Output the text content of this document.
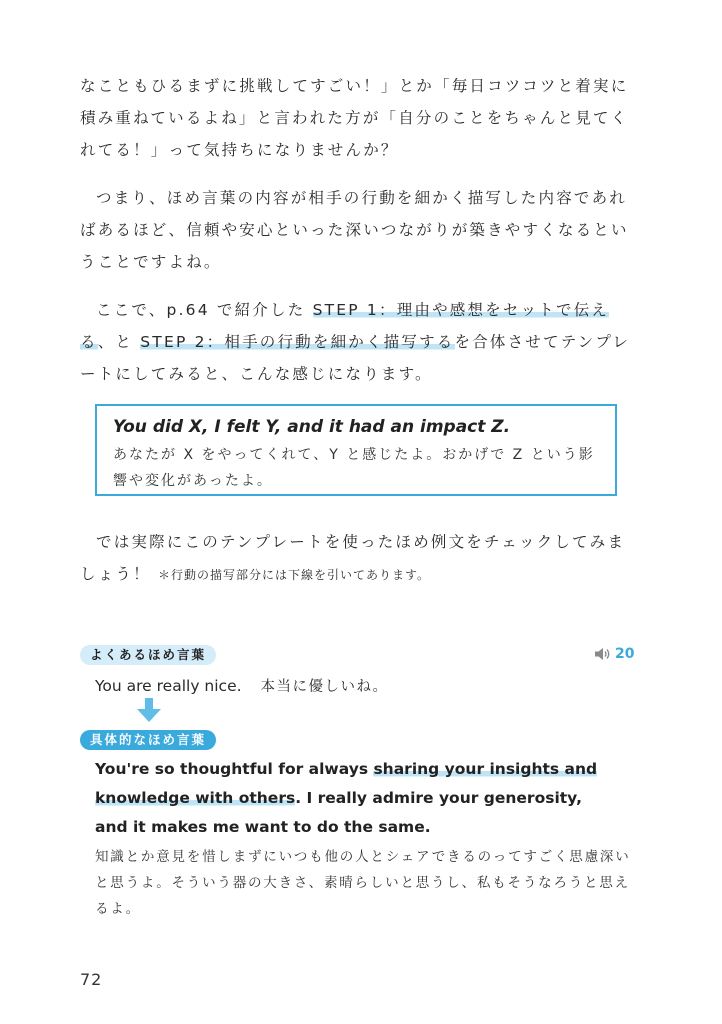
なこともひるまずに挑戦してすごい！」とか「毎日コツコツと着実に積み重ねているよね」と言われた方が「自分のことをちゃんと見てくれてる！」って気持ちになりませんか？

つまり、ほめ言葉の内容が相手の行動を細かく描写した内容であればあるほど、信頼や安心といった深いつながりが築きやすくなるということですよね。

ここで、p.64 で紹介した STEP 1：理由や感想をセットで伝える、と STEP 2：相手の行動を細かく描写するを合体させてテンプレートにしてみると、こんな感じになります。

You did X, I felt Y, and it had an impact Z.

あなたが X をやってくれて、Y と感じたよ。おかげで Z という影響や変化があったよ。

では実際にこのテンプレートを使ったほめ例文をチェックしてみましょう！ ＊行動の描写部分には下線を引いてあります。

よくあるほめ言葉	20
You are really nice. 本当に優しいね。
具体的なほめ言葉

You're so thoughtful for always sharing your insights and knowledge with others. I really admire your generosity, and it makes me want to do the same.

知識とか意見を惜しまずにいつも他の人とシェアできるのってすごく思慮深いと思うよ。そういう器の大きさ、素晴らしいと思うし、私もそうなろうと思えるよ。

72
